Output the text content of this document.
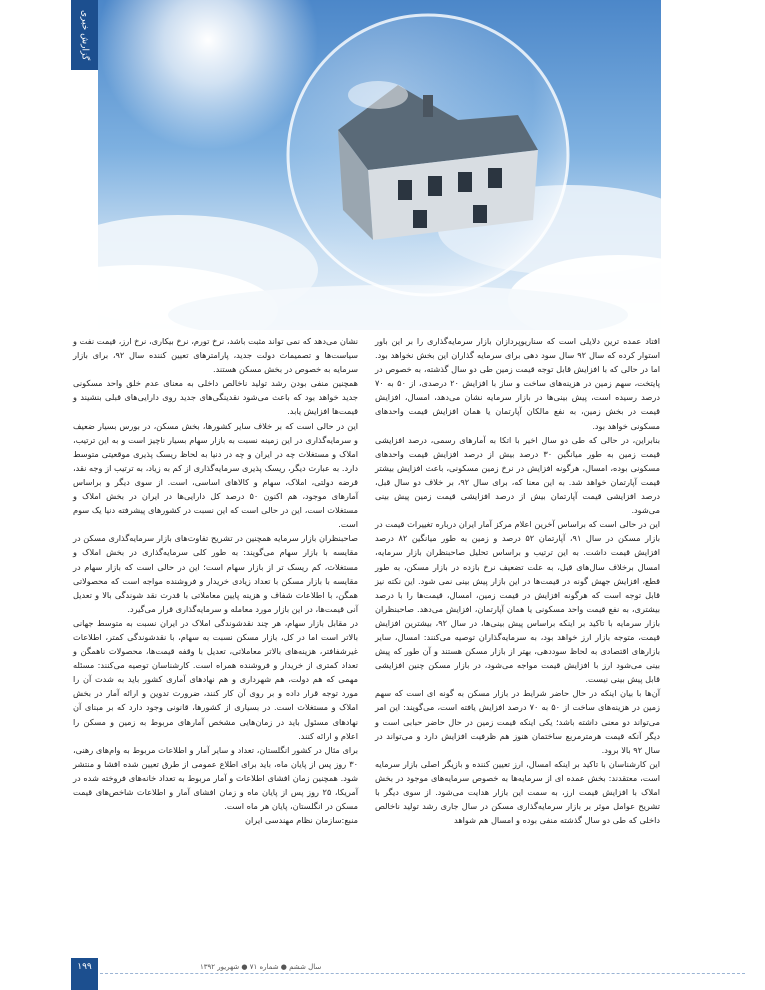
گزارش خبری

افتاد عمده ترین دلایلی است که سناریوپردازان بازار سرمایه‌گذاری را بر این باور استوار کرده که سال ۹۲ سال سود دهی برای سرمایه گذاران این بخش نخواهد بود. اما در حالی که با افزایش قابل توجه قیمت زمین طی دو سال گذشته، به خصوص در پایتخت، سهم زمین در هزینه‌های ساخت و ساز با افزایش ۲۰ درصدی، از ۵۰ به ۷۰ درصد رسیده است، پیش بینی‌ها در بازار سرمایه نشان می‌دهد، امسال، افزایش قیمت در بخش زمین، به نفع مالکان آپارتمان یا همان افزایش قیمت واحدهای مسکونی خواهد بود.

بنابراین، در حالی که طی دو سال اخیر با اتکا به آمارهای رسمی، درصد افزایشی قیمت زمین به طور میانگین ۳۰ درصد بیش از درصد افزایش قیمت واحدهای مسکونی بوده، امسال، هرگونه افزایش در نرخ زمین مسکونی، باعث افزایش بیشتر قیمت آپارتمان خواهد شد. به این معنا که، برای سال ۹۲، بر خلاف دو سال قبل، درصد افزایشی قیمت آپارتمان بیش از درصد افزایشی قیمت زمین پیش بینی می‌شود.

این در حالی است که براساس آخرین اعلام مرکز آمار ایران درباره تغییرات قیمت در بازار مسکن در سال ۹۱، آپارتمان ۵۲ درصد و زمین به طور میانگین ۸۲ درصد افزایش قیمت داشت. به این ترتیب و براساس تحلیل صاحبنظران بازار سرمایه، امسال برخلاف سال‌های قبل، به علت تضعیف نرخ بازده در بازار مسکن، به طور قطع، افزایش جهش گونه در قیمت‌ها در این بازار پیش بینی نمی شود. این نکته نیز قابل توجه است که هرگونه افزایش در قیمت زمین، امسال، قیمت‌ها را با درصد بیشتری، به نفع قیمت واحد مسکونی یا همان آپارتمان، افزایش می‌دهد. صاحبنظران بازار سرمایه با تاکید بر اینکه براساس پیش بینی‌ها، در سال ۹۲، بیشترین افزایش قیمت، متوجه بازار ارز خواهد بود، به سرمایه‌گذاران توصیه می‌کنند: امسال، سایر بازارهای اقتصادی به لحاظ سوددهی، بهتر از بازار مسکن هستند و آن طور که پیش بینی می‌شود ارز با افزایش قیمت مواجه می‌شود، در بازار مسکن چنین افزایشی قابل پیش بینی نیست.

آن‌ها با بیان اینکه در حال حاضر شرایط در بازار مسکن به گونه ای است که سهم زمین در هزینه‌های ساخت از ۵۰ به ۷۰ درصد افزایش یافته است، می‌گویند: این امر می‌تواند دو معنی داشته باشد؛ یکی اینکه قیمت زمین در حال حاضر حبابی است و دیگر آنکه قیمت هرمترمربع ساختمان هنوز هم ظرفیت افزایش دارد و می‌تواند در سال ۹۲ بالا برود.

این کارشناسان با تاکید بر اینکه امسال، ارز تعیین کننده و بازیگر اصلی بازار سرمایه است، معتقدند: بخش عمده ای از سرمایه‌ها به خصوص سرمایه‌های موجود در بخش املاک با افزایش قیمت ارز، به سمت این بازار هدایت می‌شود. از سوی دیگر با تشریح عوامل موثر بر بازار سرمایه‌گذاری مسکن در سال جاری رشد تولید ناخالص داخلی که طی دو سال گذشته منفی بوده و امسال هم شواهد

نشان می‌دهد که نمی تواند مثبت باشد، نرخ تورم، نرخ بیکاری، نرخ ارز، قیمت نفت و سیاست‌ها و تصمیمات دولت جدید، پارامترهای تعیین کننده سال ۹۲، برای بازار سرمایه به خصوص در بخش مسکن هستند.

همچنین منفی بودن رشد تولید ناخالص داخلی به معنای عدم خلق واحد مسکونی جدید خواهد بود که باعث می‌شود نقدینگی‌های جدید روی دارایی‌های قبلی بنشیند و قیمت‌ها افزایش یابد.

این در حالی است که بر خلاف سایر کشورها، بخش مسکن، در بورس بسیار ضعیف و سرمایه‌گذاری در این زمینه نسبت به بازار سهام بسیار ناچیز است و به این ترتیب، املاک و مستغلات چه در ایران و چه در دنیا به لحاظ ریسک پذیری موقعیتی متوسط دارد. به عبارت دیگر، ریسک پذیری سرمایه‌گذاری از کم به زیاد، به ترتیب از وجه نقد، قرضه دولتی، املاک، سهام و کالاهای اساسی، است. از سوی دیگر و براساس آمارهای موجود، هم اکنون ۵۰ درصد کل دارایی‌ها در ایران در بخش املاک و مستغلات است، این در حالی است که این نسبت در کشورهای پیشرفته دنیا یک سوم است.

صاحبنظران بازار سرمایه همچنین در تشریح تفاوت‌های بازار سرمایه‌گذاری مسکن در مقایسه با بازار سهام می‌گویند: به طور کلی سرمایه‌گذاری در بخش املاک و مستغلات، کم ریسک تر از بازار سهام است؛ این در حالی است که بازار سهام در مقایسه با بازار مسکن با تعداد زیادی خریدار و فروشنده مواجه است که محصولاتی همگن، با اطلاعات شفاف و هزینه پایین معاملاتی با قدرت نقد شوندگی بالا و تعدیل آنی قیمت‌ها، در این بازار مورد معامله و سرمایه‌گذاری قرار می‌گیرد.

در مقابل بازار سهام، هر چند نقدشوندگی املاک در ایران نسبت به متوسط جهانی بالاتر است اما در کل، بازار مسکن نسبت به سهام، با نقدشوندگی کمتر، اطلاعات غیرشفافتر، هزینه‌های بالاتر معاملاتی، تعدیل با وقفه قیمت‌ها، محصولات ناهمگن و تعداد کمتری از خریدار و فروشنده همراه است. کارشناسان توصیه می‌کنند: مسئله مهمی که هم دولت، هم شهرداری و هم نهادهای آماری کشور باید به شدت آن را مورد توجه قرار داده و بر روی آن کار کنند، ضرورت تدوین و ارائه آمار در بخش املاک و مستغلات است. در بسیاری از کشورها، قانونی وجود دارد که بر مبنای آن نهادهای مسئول باید در زمان‌هایی مشخص آمارهای مربوط به زمین و مسکن را اعلام و ارائه کنند.

برای مثال در کشور انگلستان، تعداد و سایر آمار و اطلاعات مربوط به وام‌های رهنی، ۳۰ روز پس از پایان ماه، باید برای اطلاع عمومی از طرق تعیین شده افشا و منتشر شود. همچنین زمان افشای اطلاعات و آمار مربوط به تعداد خانه‌های فروخته شده در آمریکا، ۲۵ روز پس از پایان ماه و زمان افشای آمار و اطلاعات شاخص‌های قیمت مسکن در انگلستان، پایان هر ماه است.

منبع:سازمان نظام مهندسی ایران

۱۹۹	سال ششم ● شماره ۷۱ ● شهریور ۱۳۹۲
